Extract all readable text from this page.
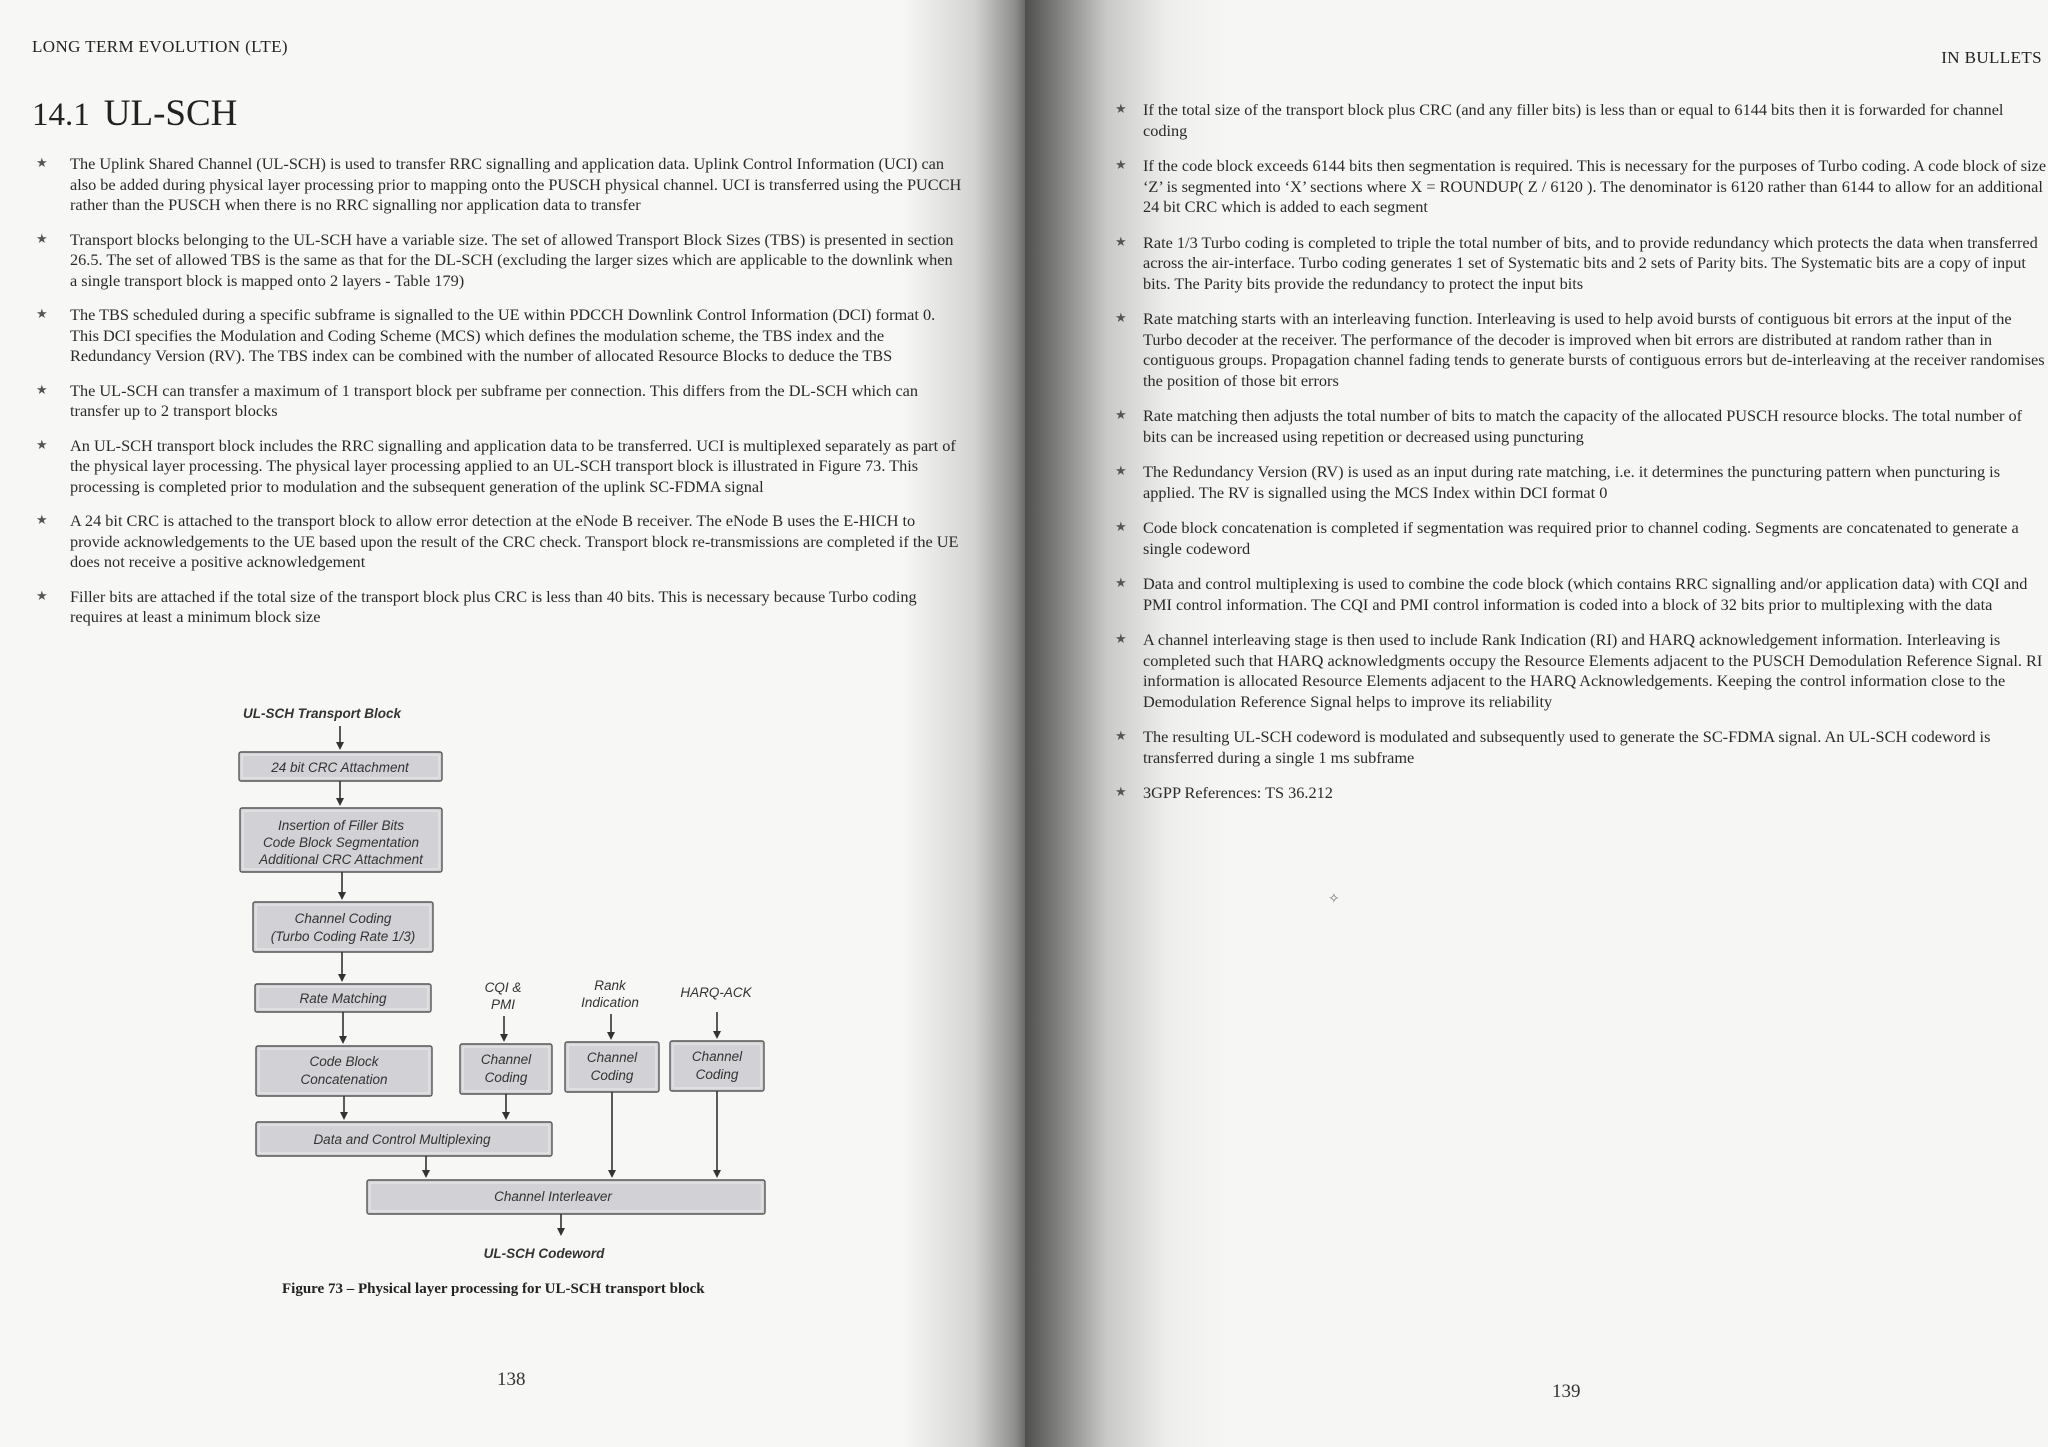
LONG TERM EVOLUTION (LTE)
14.1 UL-SCH
★ The Uplink Shared Channel (UL-SCH) is used to transfer RRC signalling and application data. Uplink Control Information (UCI) can also be added during physical layer processing prior to mapping onto the PUSCH physical channel. UCI is transferred using the PUCCH rather than the PUSCH when there is no RRC signalling nor application data to transfer
★ Transport blocks belonging to the UL-SCH have a variable size. The set of allowed Transport Block Sizes (TBS) is presented in section 26.5. The set of allowed TBS is the same as that for the DL-SCH (excluding the larger sizes which are applicable to the downlink when a single transport block is mapped onto 2 layers - Table 179)
★ The TBS scheduled during a specific subframe is signalled to the UE within PDCCH Downlink Control Information (DCI) format 0. This DCI specifies the Modulation and Coding Scheme (MCS) which defines the modulation scheme, the TBS index and the Redundancy Version (RV). The TBS index can be combined with the number of allocated Resource Blocks to deduce the TBS
★ The UL-SCH can transfer a maximum of 1 transport block per subframe per connection. This differs from the DL-SCH which can transfer up to 2 transport blocks
★ An UL-SCH transport block includes the RRC signalling and application data to be transferred. UCI is multiplexed separately as part of the physical layer processing. The physical layer processing applied to an UL-SCH transport block is illustrated in Figure 73. This processing is completed prior to modulation and the subsequent generation of the uplink SC-FDMA signal
★ A 24 bit CRC is attached to the transport block to allow error detection at the eNode B receiver. The eNode B uses the E-HICH to provide acknowledgements to the UE based upon the result of the CRC check. Transport block re-transmissions are completed if the UE does not receive a positive acknowledgement
★ Filler bits are attached if the total size of the transport block plus CRC is less than 40 bits. This is necessary because Turbo coding requires at least a minimum block size
UL-SCH Transport Block
24 bit CRC Attachment
Insertion of Filler Bits
Code Block Segmentation
Additional CRC Attachment
Channel Coding
(Turbo Coding Rate 1/3)
Rate Matching
Code Block
Concatenation
CQI &
PMI
Channel
Coding
Rank
Indication
Channel
Coding
HARQ-ACK
Channel
Coding
Data and Control Multiplexing
Channel Interleaver
UL-SCH Codeword
Figure 73 – Physical layer processing for UL-SCH transport block
138
IN BULLETS
★ If the total size of the transport block plus CRC (and any filler bits) is less than or equal to 6144 bits then it is forwarded for channel coding
★ If the code block exceeds 6144 bits then segmentation is required. This is necessary for the purposes of Turbo coding. A code block of size ‘Z’ is segmented into ‘X’ sections where X = ROUNDUP( Z / 6120 ). The denominator is 6120 rather than 6144 to allow for an additional 24 bit CRC which is added to each segment
★ Rate 1/3 Turbo coding is completed to triple the total number of bits, and to provide redundancy which protects the data when transferred across the air-interface. Turbo coding generates 1 set of Systematic bits and 2 sets of Parity bits. The Systematic bits are a copy of input bits. The Parity bits provide the redundancy to protect the input bits
★ Rate matching starts with an interleaving function. Interleaving is used to help avoid bursts of contiguous bit errors at the input of the Turbo decoder at the receiver. The performance of the decoder is improved when bit errors are distributed at random rather than in contiguous groups. Propagation channel fading tends to generate bursts of contiguous errors but de-interleaving at the receiver randomises the position of those bit errors
★ Rate matching then adjusts the total number of bits to match the capacity of the allocated PUSCH resource blocks. The total number of bits can be increased using repetition or decreased using puncturing
★ The Redundancy Version (RV) is used as an input during rate matching, i.e. it determines the puncturing pattern when puncturing is applied. The RV is signalled using the MCS Index within DCI format 0
★ Code block concatenation is completed if segmentation was required prior to channel coding. Segments are concatenated to generate a single codeword
★ Data and control multiplexing is used to combine the code block (which contains RRC signalling and/or application data) with CQI and PMI control information. The CQI and PMI control information is coded into a block of 32 bits prior to multiplexing with the data
★ A channel interleaving stage is then used to include Rank Indication (RI) and HARQ acknowledgement information. Interleaving is completed such that HARQ acknowledgments occupy the Resource Elements adjacent to the PUSCH Demodulation Reference Signal. RI information is allocated Resource Elements adjacent to the HARQ Acknowledgements. Keeping the control information close to the Demodulation Reference Signal helps to improve its reliability
★ The resulting UL-SCH codeword is modulated and subsequently used to generate the SC-FDMA signal. An UL-SCH codeword is transferred during a single 1 ms subframe
★ 3GPP References: TS 36.212
✧
139
